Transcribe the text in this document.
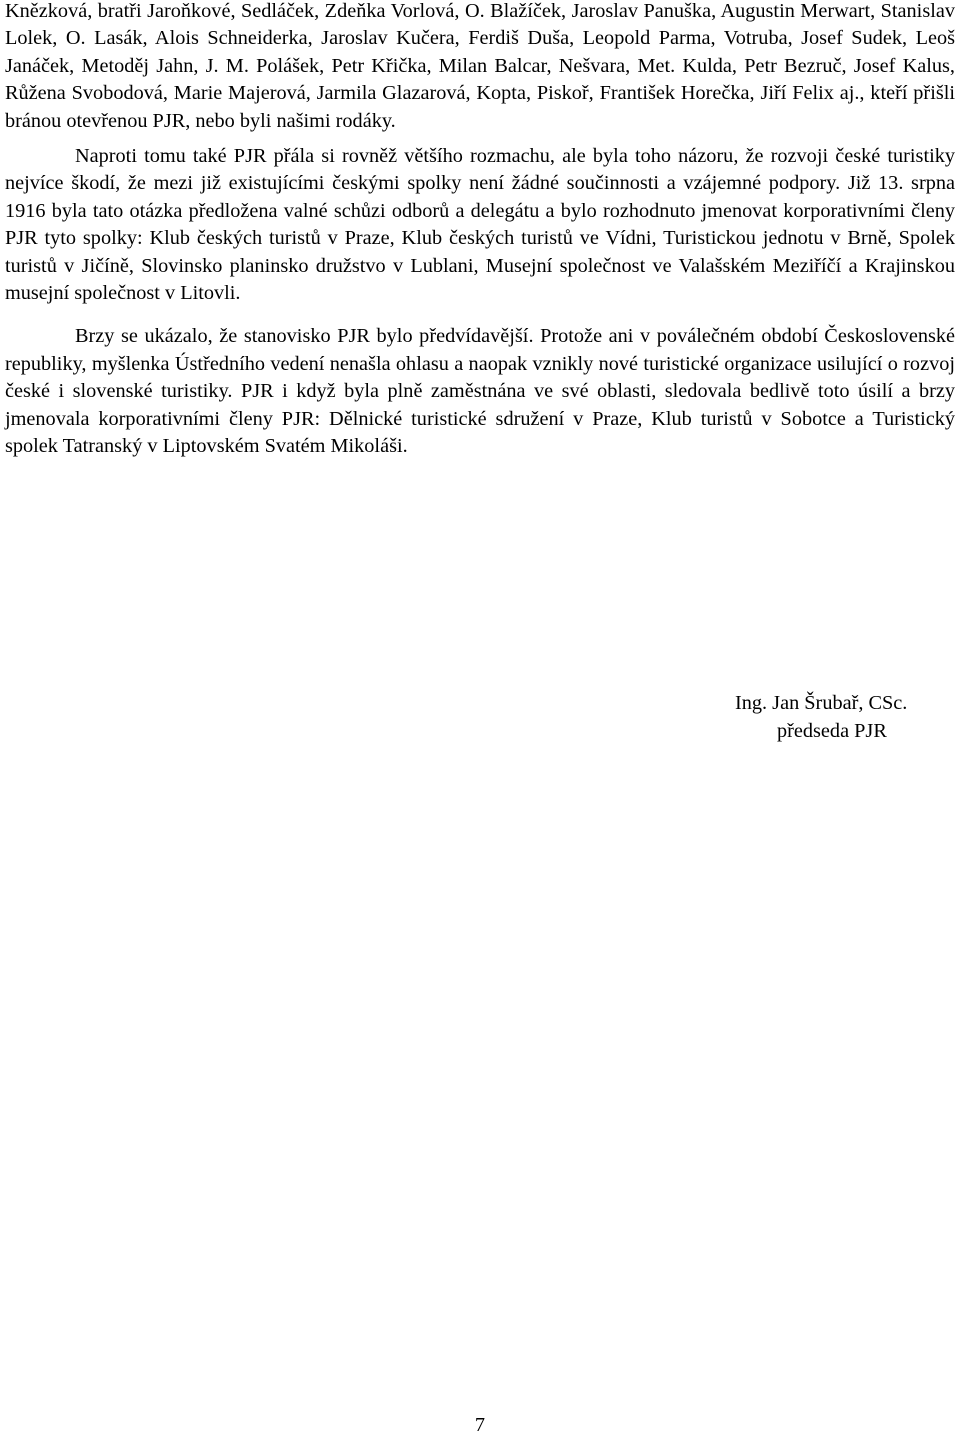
Knězková, bratři Jaroňkové, Sedláček, Zdeňka Vorlová, O. Blažíček, Jaroslav Panuška, Augustin Merwart, Stanislav Lolek, O. Lasák, Alois Schneiderka, Jaroslav Kučera, Ferdiš Duša, Leopold Parma, Votruba, Josef Sudek, Leoš Janáček, Metoděj Jahn, J. M. Polášek, Petr Křička, Milan Balcar, Nešvara, Met. Kulda, Petr Bezruč, Josef Kalus, Růžena Svobodová, Marie Majerová, Jarmila Glazarová, Kopta, Piskoř, František Horečka, Jiří Felix aj., kteří přišli bránou otevřenou PJR, nebo byli našimi rodáky.

Naproti tomu také PJR přála si rovněž většího rozmachu, ale byla toho názoru, že rozvoji české turistiky nejvíce škodí, že mezi již existujícími českými spolky není žádné součinnosti a vzájemné podpory. Již 13. srpna 1916 byla tato otázka předložena valné schůzi odborů a delegátu a bylo rozhodnuto jmenovat korporativními členy PJR tyto spolky: Klub českých turistů v Praze, Klub českých turistů ve Vídni, Turistickou jednotu v Brně, Spolek turistů v Jičíně, Slovinsko planinsko družstvo v Lublani, Musejní společnost ve Valašském Meziříčí a Krajinskou musejní společnost v Litovli.

Brzy se ukázalo, že stanovisko PJR bylo předvídavější. Protože ani v poválečném období Československé republiky, myšlenka Ústředního vedení nenašla ohlasu a naopak vznikly nové turistické organizace usilující o rozvoj české i slovenské turistiky. PJR i když byla plně zaměstnána ve své oblasti, sledovala bedlivě toto úsilí a brzy jmenovala korporativními členy PJR: Dělnické turistické sdružení v Praze, Klub turistů v Sobotce a Turistický spolek Tatranský v Liptovském Svatém Mikoláši.

Ing. Jan Šrubař, CSc.
předseda PJR
7
